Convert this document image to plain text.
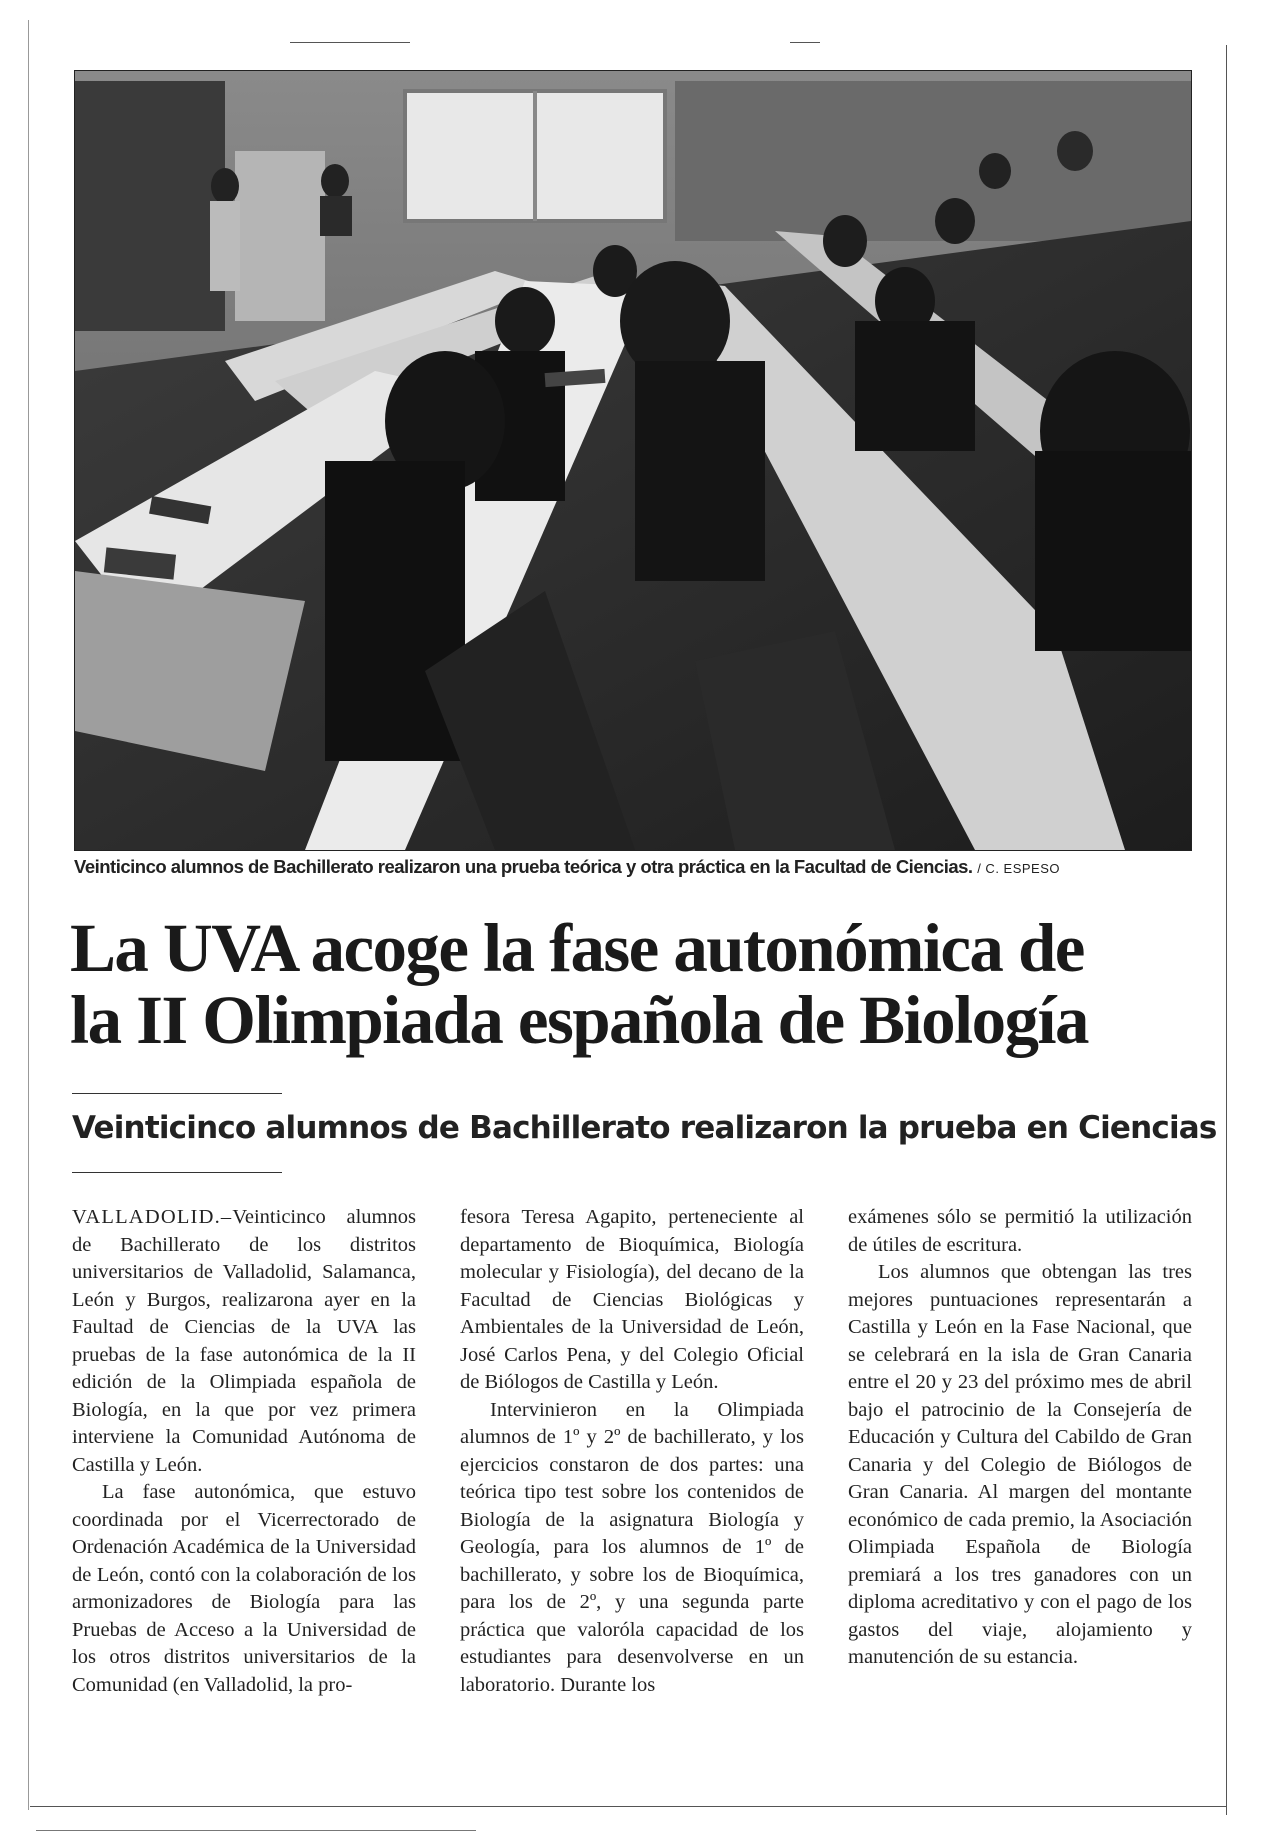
Veinticinco alumnos de Bachillerato realizaron una prueba teórica y otra práctica en la Facultad de Ciencias. / C. ESPESO
La UVA acoge la fase autonómica de
la II Olimpiada española de Biología
Veinticinco alumnos de Bachillerato realizaron la prueba en Ciencias

VALLADOLID.–Veinticinco alumnos de Bachillerato de los distritos universitarios de Valladolid, Salamanca, León y Burgos, realizarona ayer en la Faultad de Ciencias de la UVA las pruebas de la fase autonómica de la II edición de la Olimpiada española de Biología, en la que por vez primera interviene la Comunidad Autónoma de Castilla y León.

La fase autonómica, que estuvo coordinada por el Vicerrectorado de Ordenación Académica de la Universidad de León, contó con la colaboración de los armonizadores de Biología para las Pruebas de Acceso a la Universidad de los otros distritos universitarios de la Comunidad (en Valladolid, la pro-

fesora Teresa Agapito, perteneciente al departamento de Bioquímica, Biología molecular y Fisiología), del decano de la Facultad de Ciencias Biológicas y Ambientales de la Universidad de León, José Carlos Pena, y del Colegio Oficial de Biólogos de Castilla y León.

Intervinieron en la Olimpiada alumnos de 1º y 2º de bachillerato, y los ejercicios constaron de dos partes: una teórica tipo test sobre los contenidos de Biología de la asignatura Biología y Geología, para los alumnos de 1º de bachillerato, y sobre los de Bioquímica, para los de 2º, y una segunda parte práctica que valoróla capacidad de los estudiantes para desenvolverse en un laboratorio. Durante los

exámenes sólo se permitió la utilización de útiles de escritura.

Los alumnos que obtengan las tres mejores puntuaciones representarán a Castilla y León en la Fase Nacional, que se celebrará en la isla de Gran Canaria entre el 20 y 23 del próximo mes de abril bajo el patrocinio de la Consejería de Educación y Cultura del Cabildo de Gran Canaria y del Colegio de Biólogos de Gran Canaria. Al margen del montante económico de cada premio, la Asociación Olimpiada Española de Biología premiará a los tres ganadores con un diploma acreditativo y con el pago de los gastos del viaje, alojamiento y manutención de su estancia.
